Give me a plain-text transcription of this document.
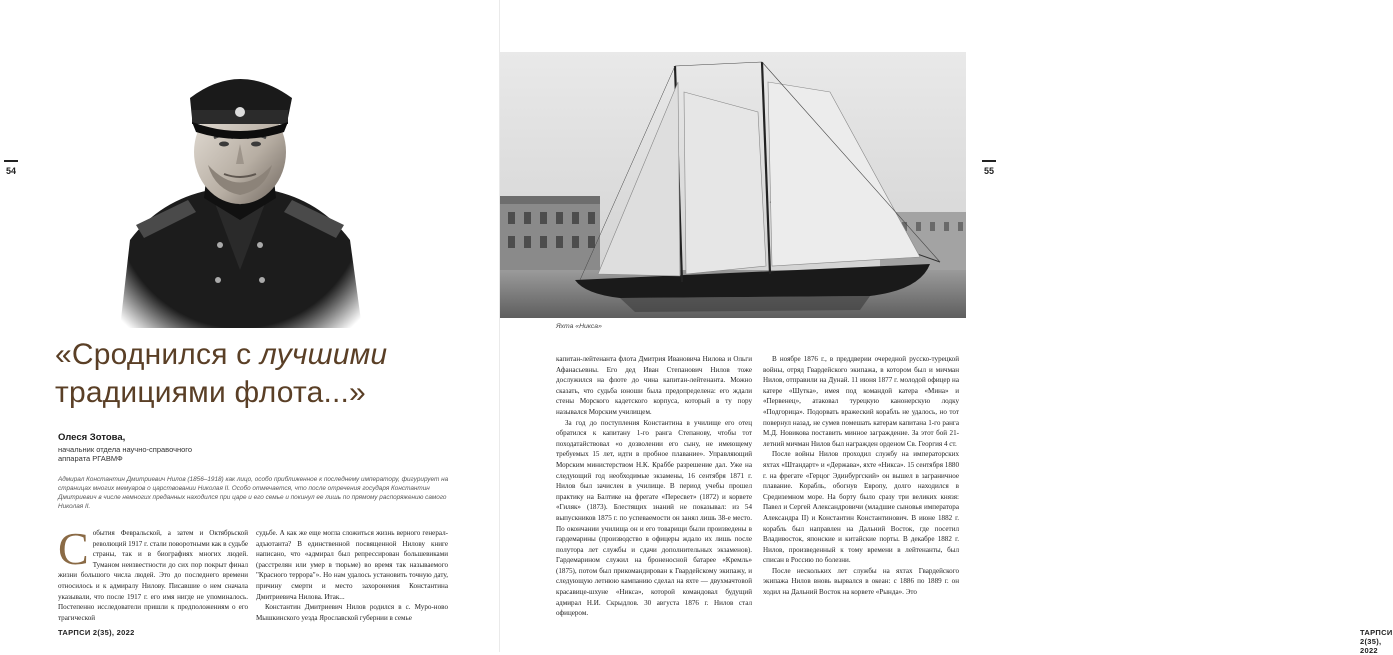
54
«Сроднился с лучшими
традициями флота...»
Олеся Зотова,
начальник отдела научно-справочного аппарата РГАВМФ
Адмирал Константин Дмитриевич Нилов (1856–1918) как лицо, особо приближенное к последнему императору, фигурирует на страницах многих мемуаров о царствовании Николая II. Особо отмечается, что после отречения государя Константин Дмитриевич в числе немногих преданных находился при царе и его семье и покинул ее лишь по прямому распоряжению самого Николая II.
С обытия Февральской, а затем и Октябрьской революций 1917 г. стали поворотными как в судьбе страны, так и в биографиях многих людей. Туманом неизвестности до сих пор покрыт финал жизни большого числа людей. Это до последнего времени относилось и к адмиралу Нилову. Писавшие о нем сначала указывали, что после 1917 г. его имя нигде не упоминалось. Постепенно исследователи пришли к предположениям о его трагической

судьбе. А как же еще могла сложиться жизнь верного генерал-адъютанта? В единственной посвященной Нилову книге написано, что «адмирал был репрессирован большевиками (расстрелян или умер в тюрьме) во время так называемого "Красного террора"». Но нам удалось установить точную дату, причину смерти и место захоронения Константина Дмитриевича Нилова. Итак...

Константин Дмитриевич Нилов родился в с. Мурo-ново Мышкинского уезда Ярославской губернии в семье

ТАРПСИ 2(35), 2022
55
ТАРПСИ 2(35), 2022
Яхта «Никса»

капитан-лейтенанта флота Дмитрия Ивановича Нилова и Ольги Афанасьевны. Его дед Иван Степанович Нилов тоже дослужился на флоте до чина капитан-лейтенанта. Можно сказать, что судьба юноши была предопределена: его ждали стены Морского кадетского корпуса, который в ту пору назывался Морским училищем.

За год до поступления Константина в училище его отец обратился к капитану 1-го ранга Степанову, чтобы тот походатайствовал «о дозволении его сыну, не имеющему требуемых 15 лет, идти в пробное плавание». Управляющий Морским министерством Н.К. Краббе разрешение дал. Уже на следующий год необходимые экзамены, 16 сентября 1871 г. Нилов был зачислен в училище. В период учебы прошел практику на Балтике на фрегате «Пересвет» (1872) и корвете «Гиляк» (1873). Блестящих знаний не показывал: из 54 выпускников 1875 г. по успеваемости он занял лишь 38-е место. По окончании училища он и его товарищи были произведены в гардемарины (производство в офицеры ждало их лишь после полутора лет службы и сдачи дополнительных экзаменов). Гардемарином служил на броненосной батарее «Кремль» (1875), потом был прикомандирован к Гвардейскому экипажу, и следующую летнюю кампанию сделал на яхте — двухмачтовой красавице-шхуне «Никса», которой командовал будущий адмирал Н.И. Скрыдлов. 30 августа 1876 г. Нилов стал офицером.

В ноябре 1876 г., в преддверии очередной русско-турецкой войны, отряд Гвардейского экипажа, в котором был и мичман Нилов, отправили на Дунай. 11 июня 1877 г. молодой офицер на катере «Шутка», имея под командой катера «Мина» и «Первенец», атаковал турецкую канонерскую лодку «Подгорица». Подорвать вражеский корабль не удалось, но тот повернул назад, не сумев помешать катерам капитана 1-го ранга М.Д. Новикова поставить минное заграждение. За этот бой 21-летний мичман Нилов был награжден орденом Св. Георгия 4 ст.

После войны Нилов проходил службу на императорских яхтах «Штандарт» и «Держава», яхте «Никса». 15 сентября 1880 г. на фрегате «Герцог Эдинбургский» он вышел в заграничное плавание. Корабль, обогнув Европу, долго находился в Средиземном море. На борту было сразу три великих князя: Павел и Сергей Александровичи (младшие сыновья императора Александра II) и Константин Константинович. В июне 1882 г. корабль был направлен на Дальний Восток, где посетил Владивосток, японские и китайские порты. В декабре 1882 г. Нилов, произведенный к тому времени в лейтенанты, был списан в Россию по болезни.

После нескольких лет службы на яхтах Гвардейского экипажа Нилов вновь вырвался в океан: с 1886 по 1889 г. он ходил на Дальний Восток на корвете «Рында». Это
